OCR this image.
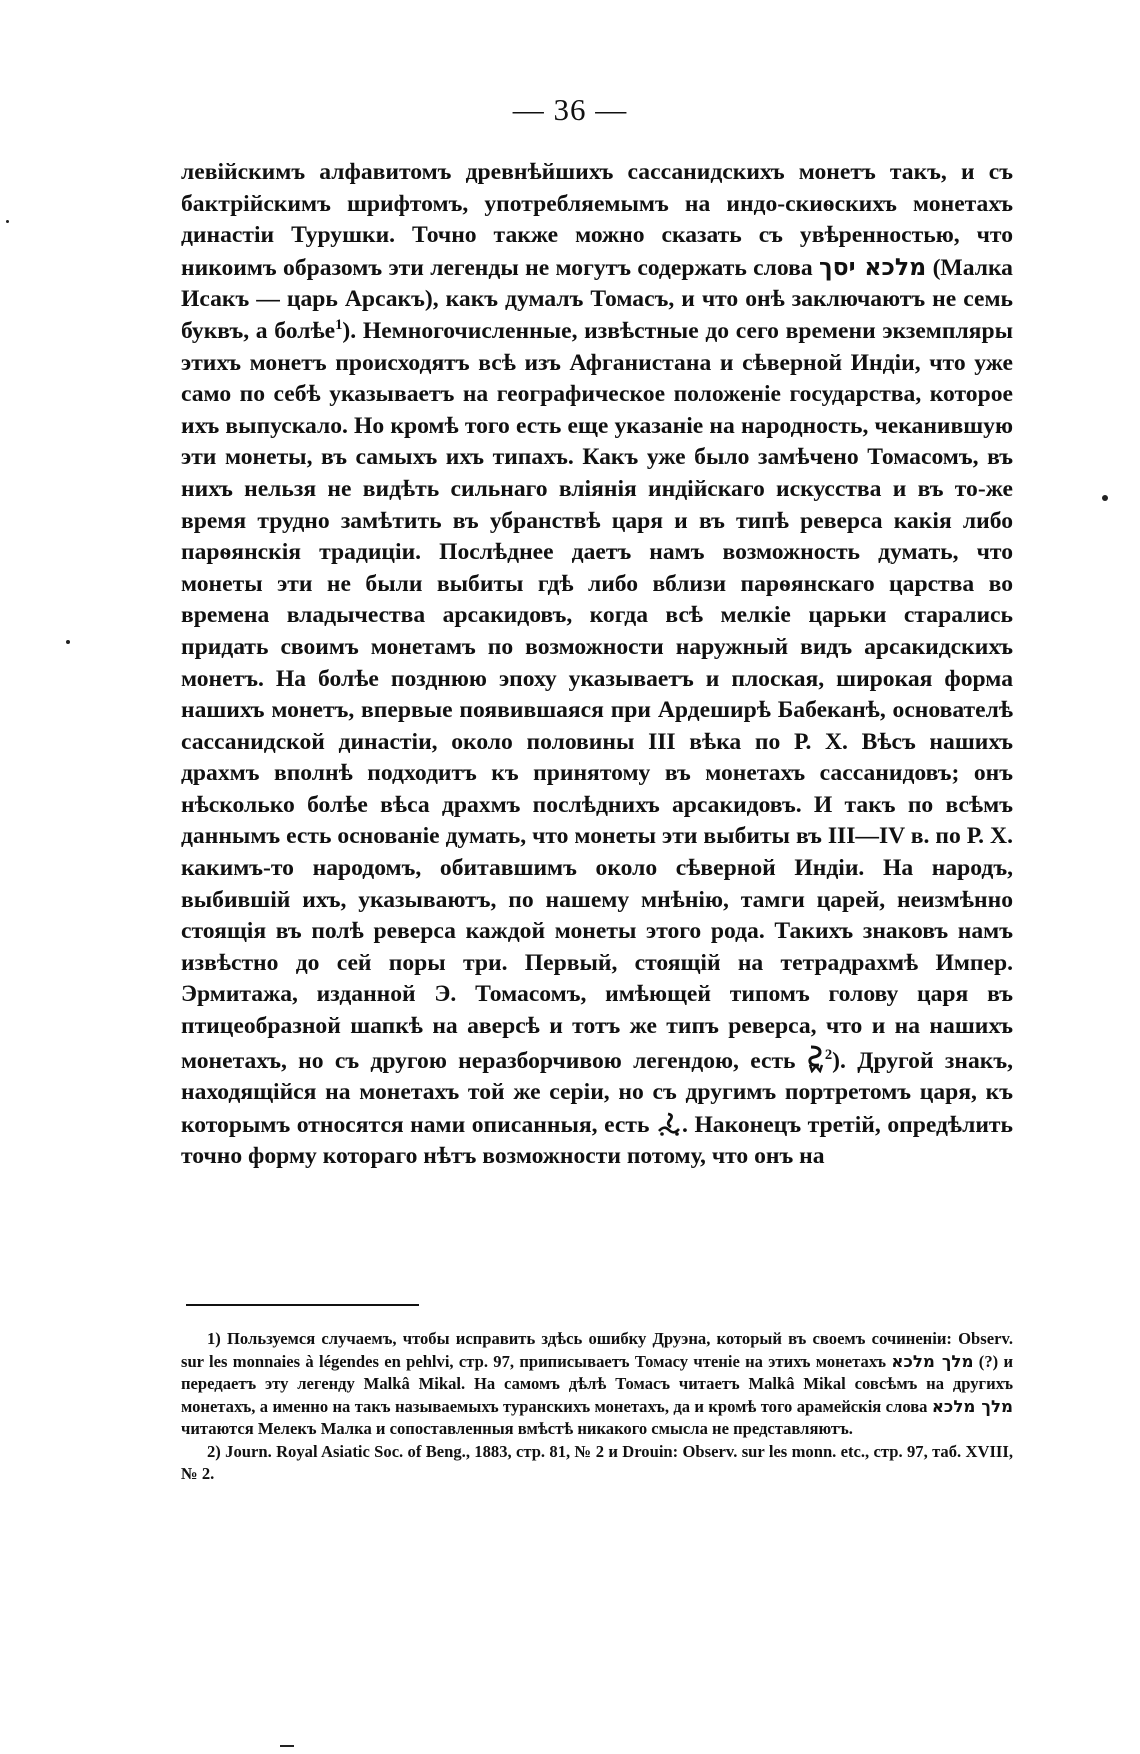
— 36 —

левійскимъ алфавитомъ древнѣйшихъ сассанидскихъ монетъ такъ, и съ бактрійскимъ шрифтомъ, употребляемымъ на индо-скиѳскихъ монетахъ династіи Турушки. Точно также можно сказать съ увѣренностью, что никоимъ образомъ эти легенды не могутъ содержать слова מלכא יסך (Малка Исакъ — царь Арсакъ), какъ думалъ Томасъ, и что онѣ заключаютъ не семь буквъ, а болѣе$^1$). Немногочисленные, извѣстные до сего времени экземпляры этихъ монетъ происходятъ всѣ изъ Афганистана и сѣверной Индіи, что уже само по себѣ указываетъ на географическое положеніе государства, которое ихъ выпускало. Но кромѣ того есть еще указаніе на народность, чеканившую эти монеты, въ самыхъ ихъ типахъ. Какъ уже было замѣчено Томасомъ, въ нихъ нельзя не видѣть сильнаго вліянія индійскаго искусства и въ то-же время трудно замѣтить въ убранствѣ царя и въ типѣ реверса какія либо парѳянскія традиціи. Послѣднее даетъ намъ возможность думать, что монеты эти не были выбиты гдѣ либо вблизи парѳянскаго царства во времена владычества арсакидовъ, когда всѣ мелкіе царьки старались придать своимъ монетамъ по возможности наружный видъ арсакидскихъ монетъ. На болѣе позднюю эпоху указываетъ и плоская, широкая форма нашихъ монетъ, впервые появившаяся при Ардеширѣ Бабеканѣ, основателѣ сассанидской династіи, около половины III вѣка по Р. Х. Вѣсъ нашихъ драхмъ вполнѣ подходитъ къ принятому въ монетахъ сассанидовъ; онъ нѣсколько болѣе вѣса драхмъ послѣднихъ арсакидовъ. И такъ по всѣмъ даннымъ есть основаніе думать, что монеты эти выбиты въ III—IV в. по Р. Х. какимъ-то народомъ, обитавшимъ около сѣверной Индіи. На народъ, выбившій ихъ, указываютъ, по нашему мнѣнію, тамги царей, неизмѣнно стоящія въ полѣ реверса каждой монеты этого рода. Такихъ знаковъ намъ извѣстно до сей поры три. Первый, стоящій на тетрадрахмѣ Импер. Эрмитажа, изданной Э. Томасомъ, имѣющей типомъ голову царя въ птицеобразной шапкѣ на аверсѣ и тотъ же типъ реверса, что и на нашихъ монетахъ, но съ другою неразборчивою легендою, есть $^2$). Другой знакъ, находящійся на монетахъ той же серіи, но съ другимъ портретомъ царя, къ которымъ относятся нами описанныя, есть . Наконецъ третій, опредѣлить точно форму котораго нѣтъ возможности потому, что онъ на

1) Пользуемся случаемъ, чтобы исправить здѣсь ошибку Друэна, который въ своемъ сочиненіи: Observ. sur les monnaies à légendes en pehlvi, стр. 97, приписываетъ Томасу чтеніе на этихъ монетахъ מלך מלכא (?) и передаетъ эту легенду Malkâ Mikal. На самомъ дѣлѣ Томасъ читаетъ Malkâ Mikal совсѣмъ на другихъ монетахъ, а именно на такъ называемыхъ туранскихъ монетахъ, да и кромѣ того арамейскія слова מלך מלכא читаются Мелекъ Малка и сопоставленныя вмѣстѣ никакого смысла не представляютъ.

2) Journ. Royal Asiatic Soc. of Beng., 1883, стр. 81, № 2 и Drouin: Observ. sur les monn. etc., стр. 97, таб. XVIII, № 2.
